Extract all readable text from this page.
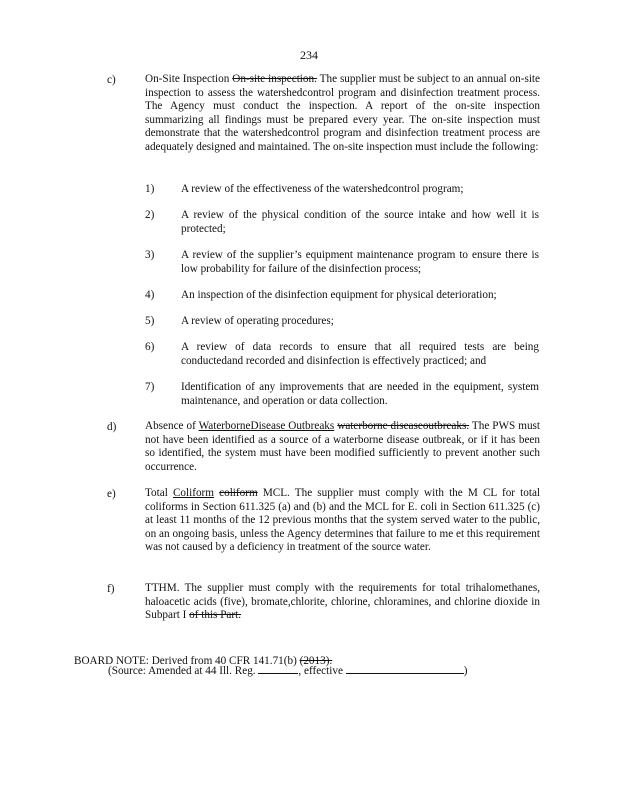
234
c)	On-Site Inspection On-site inspection. The supplier must be subject to an annual on-site inspection to assess the watershedcontrol program and disinfection treatment process. The Agency must conduct the inspection. A report of the on-site inspection summarizing all findings must be prepared every year. The on-site inspection must demonstrate that the watershedcontrol program and disinfection treatment process are adequately designed and maintained. The on-site inspection must include the following:
1) A review of the effectiveness of the watershedcontrol program;
2) A review of the physical condition of the source intake and how well it is protected;
3) A review of the supplier’s equipment maintenance program to ensure there is low probability for failure of the disinfection process;
4) An inspection of the disinfection equipment for physical deterioration;
5) A review of operating procedures;
6) A review of data records to ensure that all required tests are being conductedand recorded and disinfection is effectively practiced; and
7) Identification of any improvements that are needed in the equipment, system maintenance, and operation or data collection.
d)	Absence of WaterborneDisease Outbreaks waterborne diseaseoutbreaks. The PWS must not have been identified as a source of a waterborne disease outbreak, or if it has been so identified, the system must have been modified sufficiently to prevent another such occurrence.
e)	Total Coliform coliform MCL. The supplier must comply with the M CL for total coliforms in Section 611.325 (a) and (b) and the MCL for E. coli in Section 611.325 (c) at least 11 months of the 12 previous months that the system served water to the public, on an ongoing basis, unless the Agency determines that failure to me et this requirement was not caused by a deficiency in treatment of the source water.
f)	TTHM. The supplier must comply with the requirements for total trihalomethanes, haloacetic acids (five), bromate,chlorite, chlorine, chloramines, and chlorine dioxide in Subpart I of this Part.
BOARD NOTE: Derived from 40 CFR 141.71(b) (2013).
(Source: Amended at 44 Ill. Reg.	, effective	)
